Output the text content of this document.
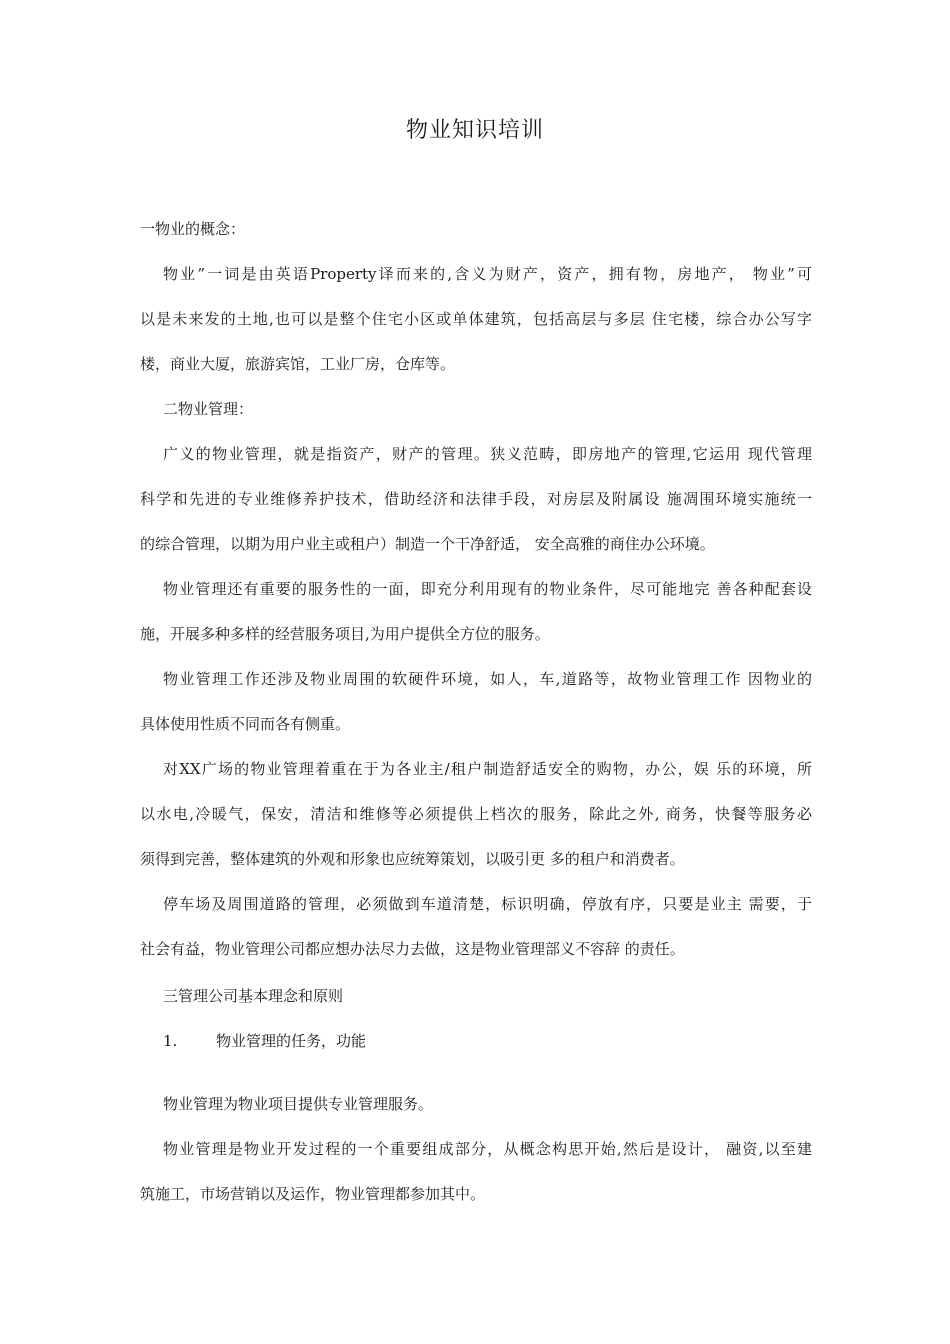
物业知识培训
一物业的概念：
物业”一词是由英语Property译而来的,含义为财产，资产，拥有物，房地产， 物业”可
以是未来发的土地,也可以是整个住宅小区或单体建筑，包括高层与多层 住宅楼，综合办公写字
楼，商业大厦，旅游宾馆，工业厂房，仓库等。
二物业管理：
广义的物业管理，就是指资产，财产的管理。狭义范畴，即房地产的管理,它运用 现代管理
科学和先进的专业维修养护技术，借助经济和法律手段，对房层及附属设 施凋围环境实施统一
的综合管理，以期为用户业主或租户）制造一个干净舒适， 安全高雅的商住办公环境。
物业管理还有重要的服务性的一面，即充分利用现有的物业条件，尽可能地完 善各种配套设
施，开展多种多样的经营服务项目,为用户提供全方位的服务。
物业管理工作还涉及物业周围的软硬件环境，如人，车,道路等，故物业管理工作 因物业的
具体使用性质不同而各有侧重。
对XX广场的物业管理着重在于为各业主/租户制造舒适安全的购物，办公，娱 乐的环境，所
以水电,冷暖气，保安，清洁和维修等必须提供上档次的服务，除此之外, 商务，快餐等服务必
须得到完善，整体建筑的外观和形象也应统筹策划，以吸引更 多的租户和消费者。
停车场及周围道路的管理，必须做到车道清楚，标识明确，停放有序，只要是业主 需要，于
社会有益，物业管理公司都应想办法尽力去做，这是物业管理部义不容辞 的责任。
三管理公司基本理念和原则
1.	物业管理的任务，功能
物业管理为物业项目提供专业管理服务。
物业管理是物业开发过程的一个重要组成部分，从概念构思开始,然后是设计， 融资,以至建
筑施工，市场营销以及运作，物业管理都参加其中。
